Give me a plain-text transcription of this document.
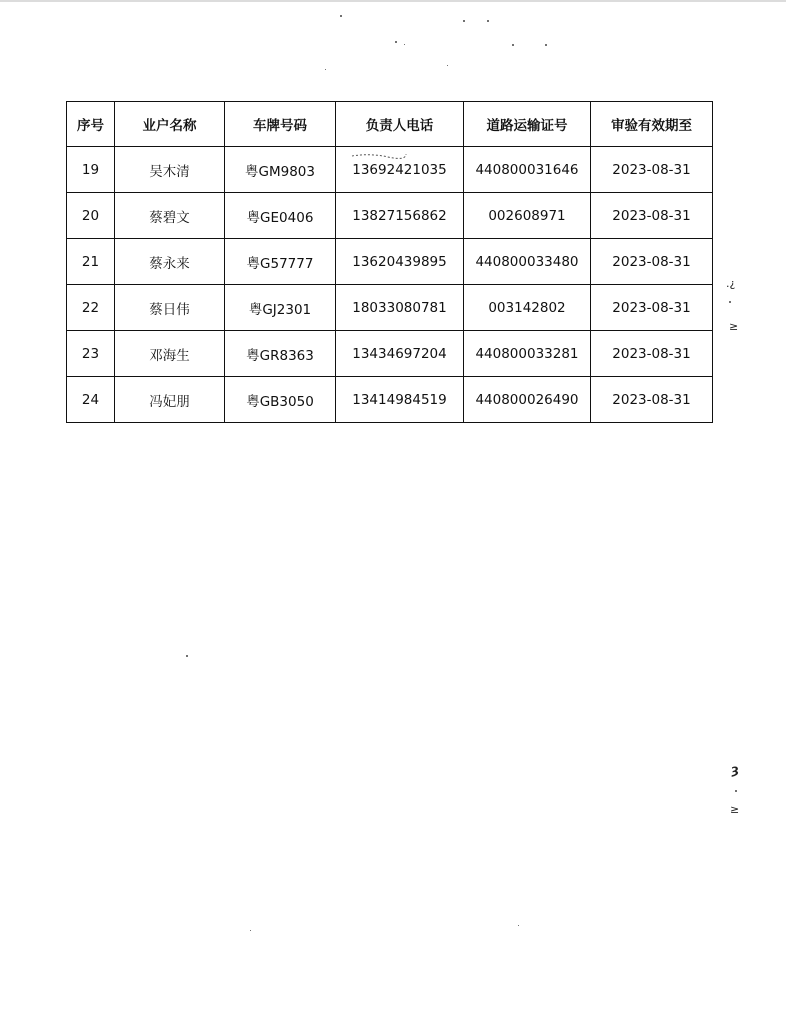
序号	业户名称	车牌号码	负责人电话	道路运输证号	审验有效期至
19	吴木清	粤GM9803	13692421035	440800031646	2023-08-31
20	蔡碧文	粤GE0406	13827156862	002608971	2023-08-31
21	蔡永来	粤G57777	13620439895	440800033480	2023-08-31
22	蔡日伟	粤GJ2301	18033080781	003142802	2023-08-31
23	邓海生	粤GR8363	13434697204	440800033281	2023-08-31
24	冯妃朋	粤GB3050	13414984519	440800026490	2023-08-31
.¿
≥
ȝ
≥
